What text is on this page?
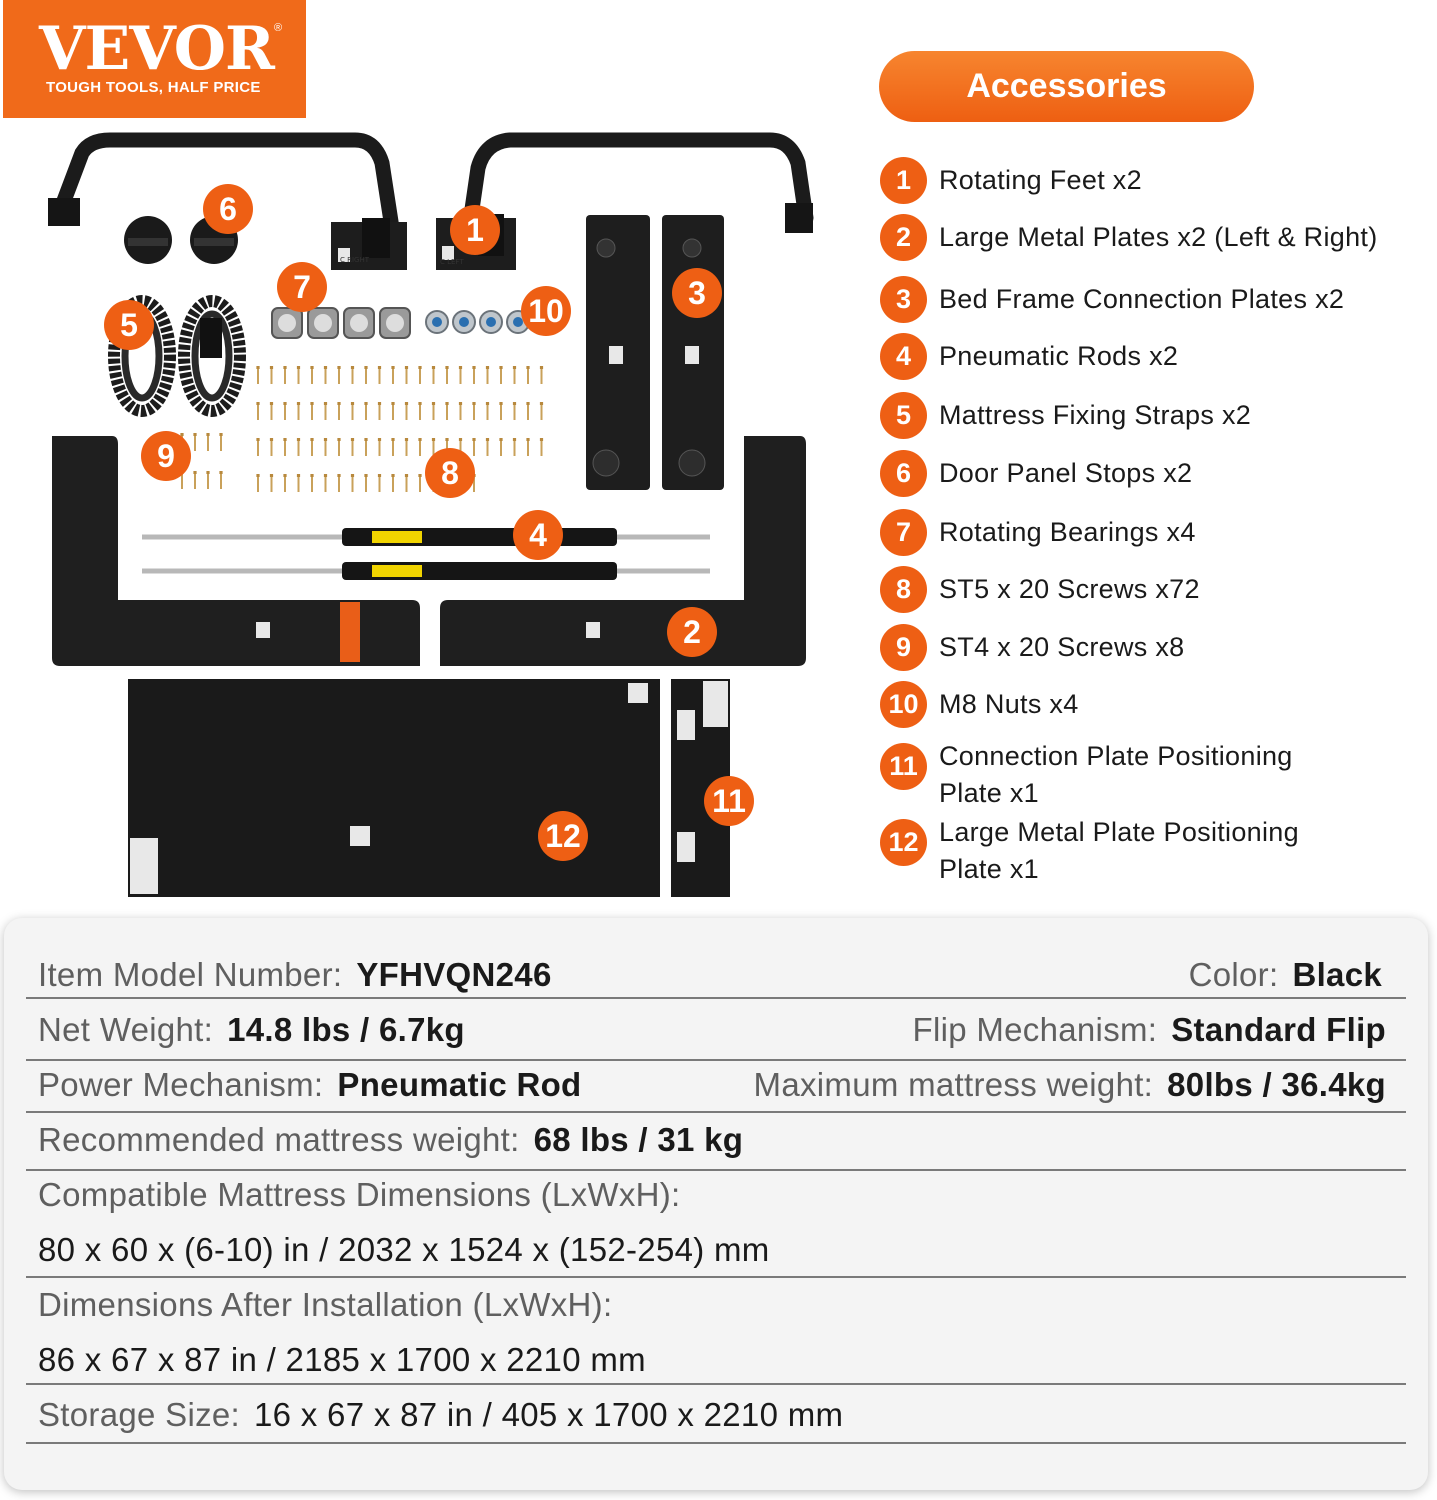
VEVOR ®
TOUGH TOOLS, HALF PRICE
C RIGHT	C LEFT
1
2
3
4
5
6
7
8
9
10
11
12
Accessories
1	Rotating Feet x2
2	Large Metal Plates x2 (Left & Right)
3	Bed Frame Connection Plates x2
4	Pneumatic Rods x2
5	Mattress Fixing Straps x2
6	Door Panel Stops x2
7	Rotating Bearings x4
8	ST5 x 20 Screws x72
9	ST4 x 20 Screws x8
10 M8 Nuts x4
11 Connection Plate Positioning Plate x1
12 Large Metal Plate Positioning Plate x1
Item Model Number: YFHVQN246	Color: Black
Net Weight: 14.8 lbs / 6.7kg	Flip Mechanism: Standard Flip
Power Mechanism: Pneumatic Rod	Maximum mattress weight: 80lbs / 36.4kg
Recommended mattress weight: 68 lbs / 31 kg
Compatible Mattress Dimensions (LxWxH):
80 x 60 x (6-10) in / 2032 x 1524 x (152-254) mm
Dimensions After Installation (LxWxH):
86 x 67 x 87 in / 2185 x 1700 x 2210 mm
Storage Size: 16 x 67 x 87 in / 405 x 1700 x 2210 mm
